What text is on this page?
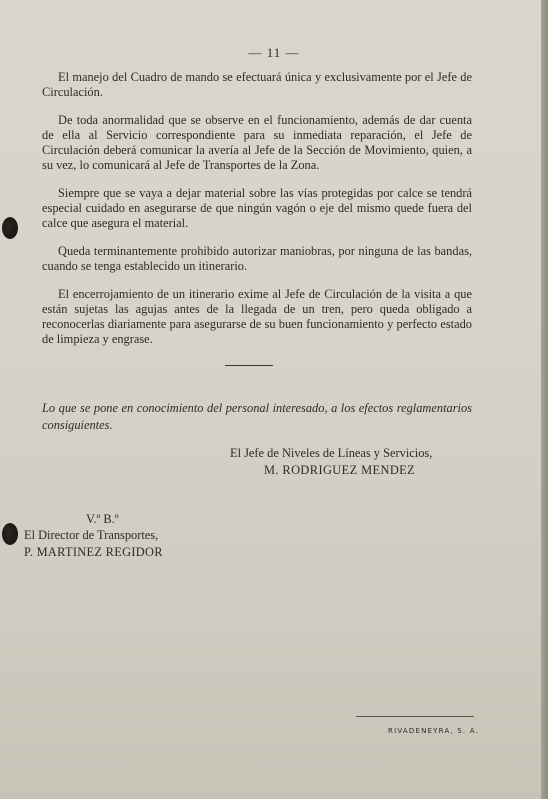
— 11 —

El manejo del Cuadro de mando se efectuará única y exclusivamente por el Jefe de Circulación.

De toda anormalidad que se observe en el funcionamiento, además de dar cuenta de ella al Servicio correspondiente para su inmediata reparación, el Jefe de Circulación deberá comunicar la avería al Jefe de la Sección de Movimiento, quien, a su vez, lo comunicará al Jefe de Transportes de la Zona.

Siempre que se vaya a dejar material sobre las vías protegidas por calce se tendrá especial cuidado en asegurarse de que ningún vagón o eje del mismo quede fuera del calce que asegura el material.

Queda terminantemente prohibido autorizar maniobras, por ninguna de las bandas, cuando se tenga establecido un itinerario.

El encerrojamiento de un itinerario exime al Jefe de Circulación de la visita a que están sujetas las agujas antes de la llegada de un tren, pero queda obligado a reconocerlas diariamente para asegurarse de su buen funcionamiento y perfecto estado de limpieza y engrase.

Lo que se pone en conocimiento del personal interesado, a los efectos reglamentarios consiguientes.

El Jefe de Niveles de Líneas y Servicios,
M. RODRIGUEZ MENDEZ
V.º B.º
El Director de Transportes,
P. MARTINEZ REGIDOR
RIVADENEYRA, S. A.
